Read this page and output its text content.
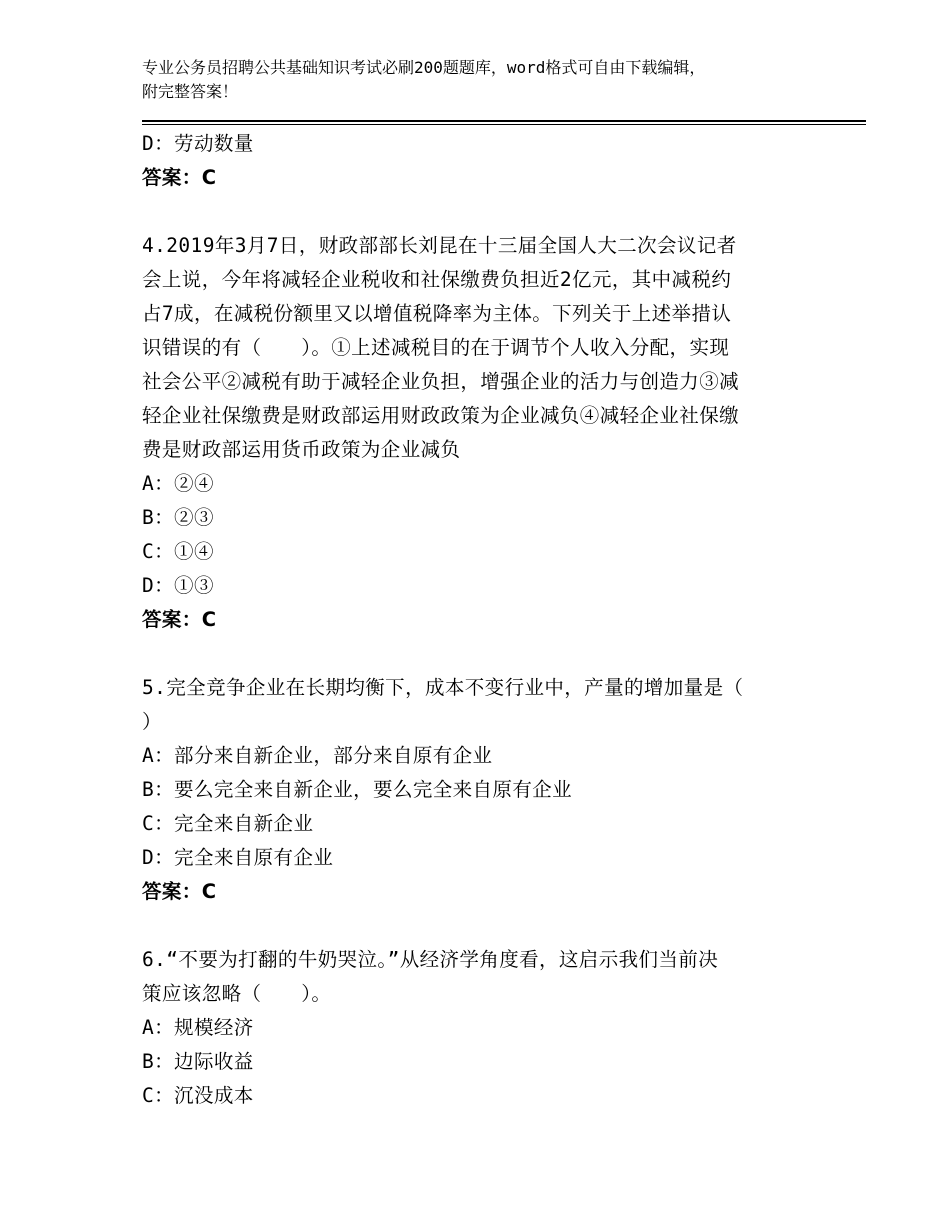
专业公务员招聘公共基础知识考试必刷200题题库，word格式可自由下载编辑，
附完整答案！
D：劳动数量
答案：C
4.2019年3月7日，财政部部长刘昆在十三届全国人大二次会议记者
会上说，今年将减轻企业税收和社保缴费负担近2亿元，其中减税约
占7成，在减税份额里又以增值税降率为主体。下列关于上述举措认
识错误的有（　　）。①上述减税目的在于调节个人收入分配，实现
社会公平②减税有助于减轻企业负担，增强企业的活力与创造力③减
轻企业社保缴费是财政部运用财政政策为企业减负④减轻企业社保缴
费是财政部运用货币政策为企业减负
A：②④
B：②③
C：①④
D：①③
答案：C
5.完全竞争企业在长期均衡下，成本不变行业中，产量的增加量是（
）
A：部分来自新企业，部分来自原有企业
B：要么完全来自新企业，要么完全来自原有企业
C：完全来自新企业
D：完全来自原有企业
答案：C
6.“不要为打翻的牛奶哭泣。”从经济学角度看，这启示我们当前决
策应该忽略（　　）。
A：规模经济
B：边际收益
C：沉没成本
